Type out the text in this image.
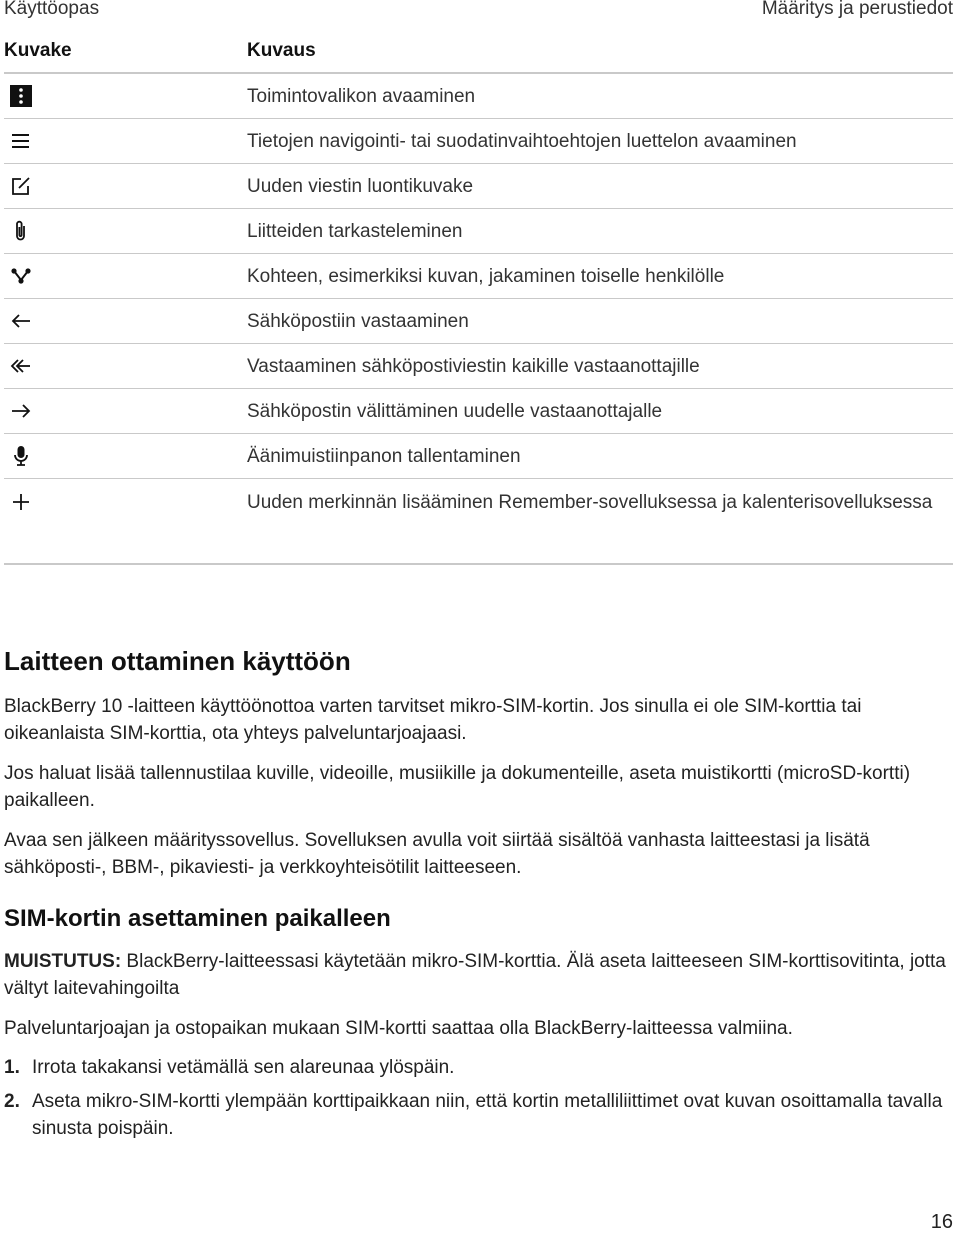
Käyttöopas	Määritys ja perustiedot
Kuvake	Kuvaus

	Toimintovalikon avaaminen

	Tietojen navigointi- tai suodatinvaihtoehtojen luettelon avaaminen

	Uuden viestin luontikuvake

	Liitteiden tarkasteleminen

	Kohteen, esimerkiksi kuvan, jakaminen toiselle henkilölle

	Sähköpostiin vastaaminen

	Vastaaminen sähköpostiviestin kaikille vastaanottajille

	Sähköpostin välittäminen uudelle vastaanottajalle

	Äänimuistiinpanon tallentaminen

	Uuden merkinnän lisääminen Remember-sovelluksessa ja kalenterisovelluksessa
Laitteen ottaminen käyttöön
BlackBerry 10 -laitteen käyttöönottoa varten tarvitset mikro-SIM-kortin. Jos sinulla ei ole SIM-korttia tai oikeanlaista SIM-korttia, ota yhteys palveluntarjoajaasi.
Jos haluat lisää tallennustilaa kuville, videoille, musiikille ja dokumenteille, aseta muistikortti (microSD-kortti) paikalleen.
Avaa sen jälkeen määrityssovellus. Sovelluksen avulla voit siirtää sisältöä vanhasta laitteestasi ja lisätä sähköposti-, BBM-, pikaviesti- ja verkkoyhteisötilit laitteeseen.
SIM-kortin asettaminen paikalleen
MUISTUTUS: BlackBerry-laitteessasi käytetään mikro-SIM-korttia. Älä aseta laitteeseen SIM-korttisovitinta, jotta vältyt laitevahingoilta
Palveluntarjoajan ja ostopaikan mukaan SIM-kortti saattaa olla BlackBerry-laitteessa valmiina.
1. Irrota takakansi vetämällä sen alareunaa ylöspäin.
2. Aseta mikro-SIM-kortti ylempään korttipaikkaan niin, että kortin metalliliittimet ovat kuvan osoittamalla tavalla sinusta poispäin.
16
